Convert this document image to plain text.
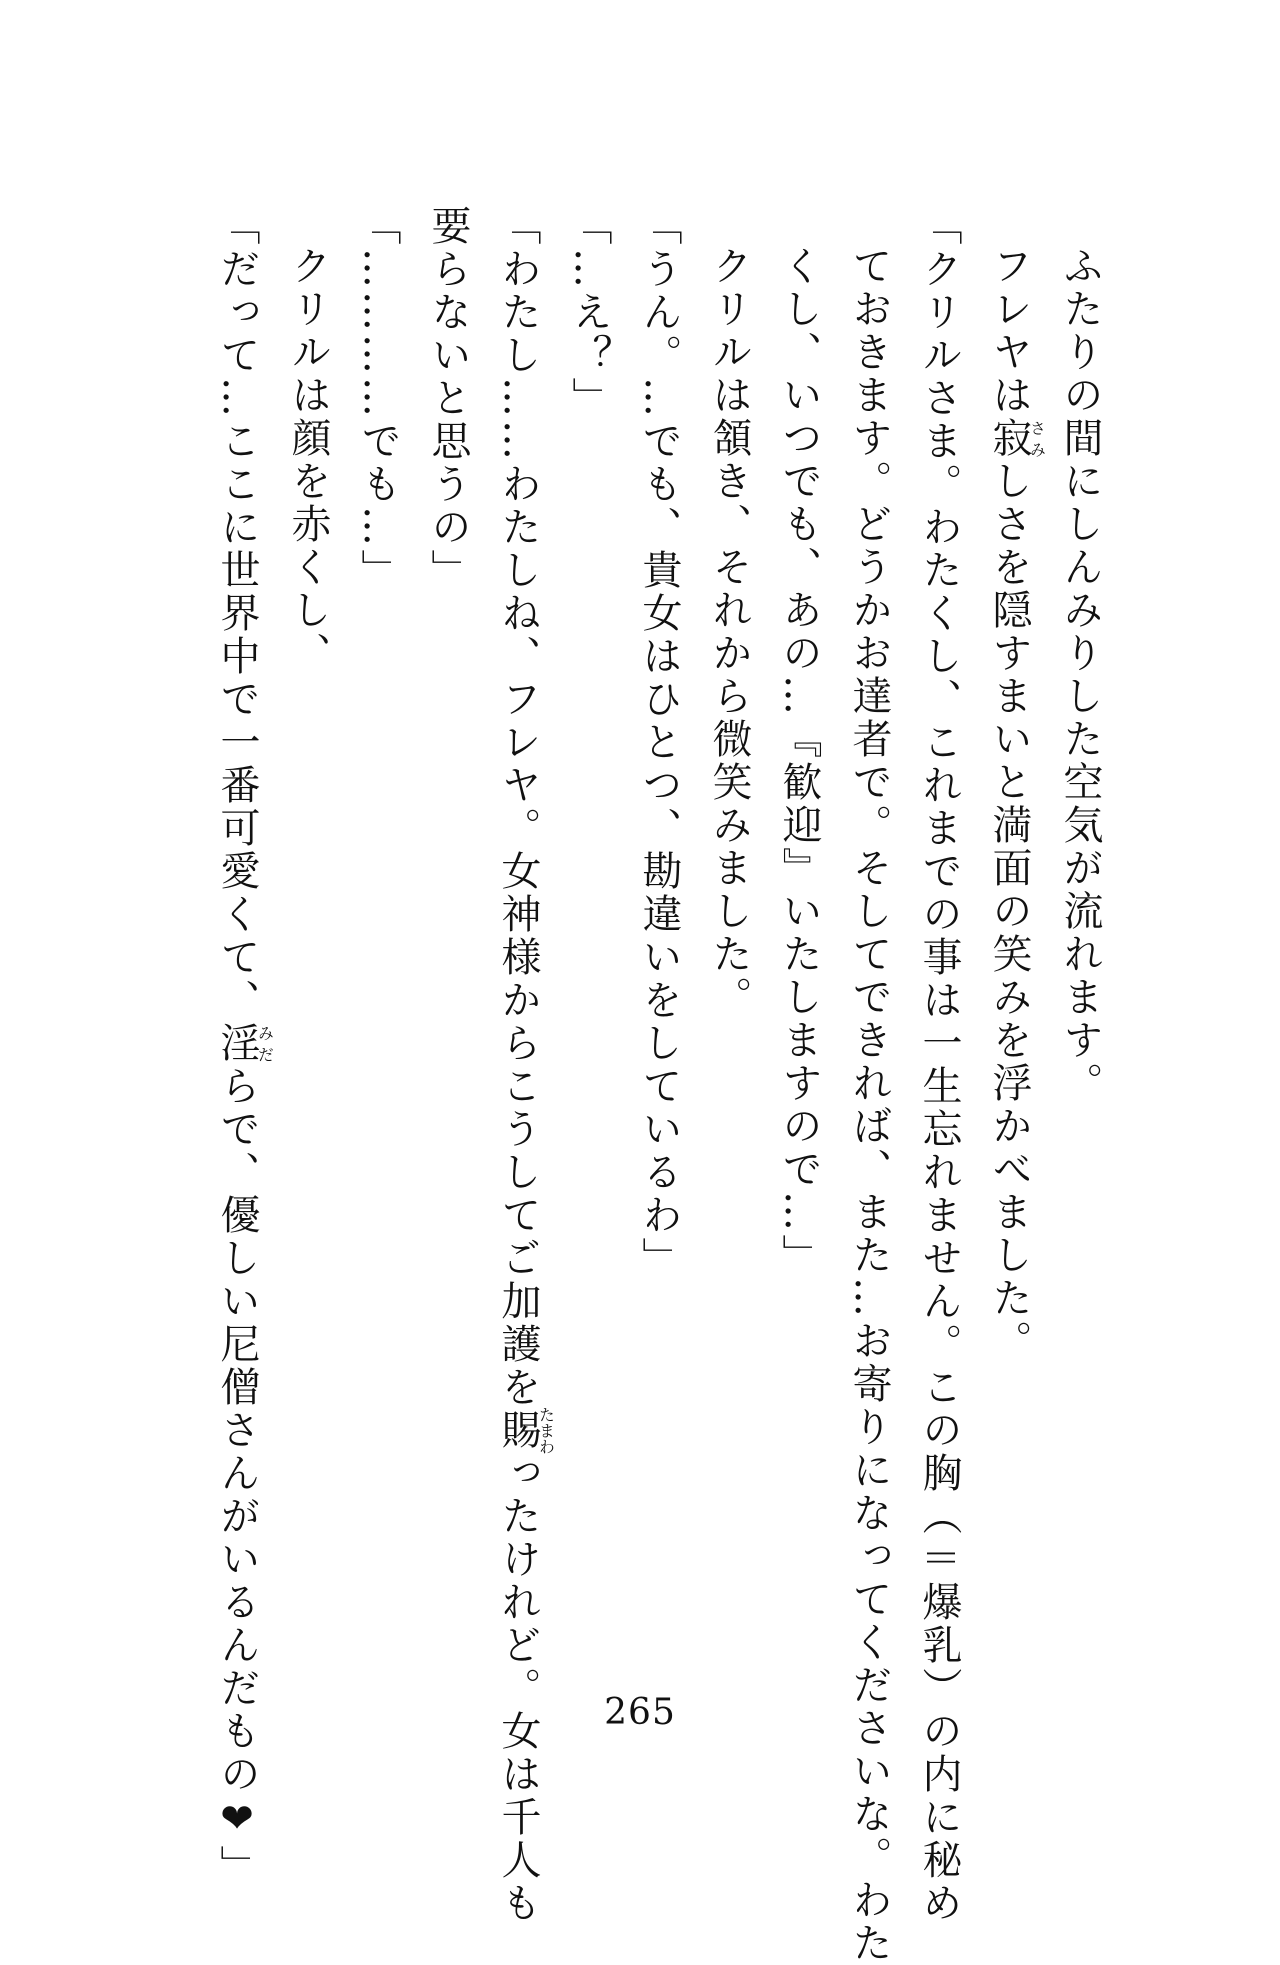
ふたりの間にしんみりした空気が流れます。
フレヤは寂さみしさを隠すまいと満面の笑みを浮かべました。
「クリルさま。わたくし、これまでの事は一生忘れません。この胸（＝爆乳）の内に秘め
ておきます。どうかお達者で。そしてできれば、また…お寄りになってくださいな。わた
くし、いつでも、あの…『歓迎』いたしますので…」
クリルは頷き、それから微笑みました。
「うん。…でも、貴女はひとつ、勘違いをしているわ」
「…え？」
「わたし……わたしね、フレヤ。女神様からこうしてご加護を賜たまわったけれど。女は千人も
要らないと思うの」
「…………でも…」
クリルは顔を赤くし、
「だって…ここに世界中で一番可愛くて、淫みだらで、優しい尼僧さんがいるんだもの❤」
265
